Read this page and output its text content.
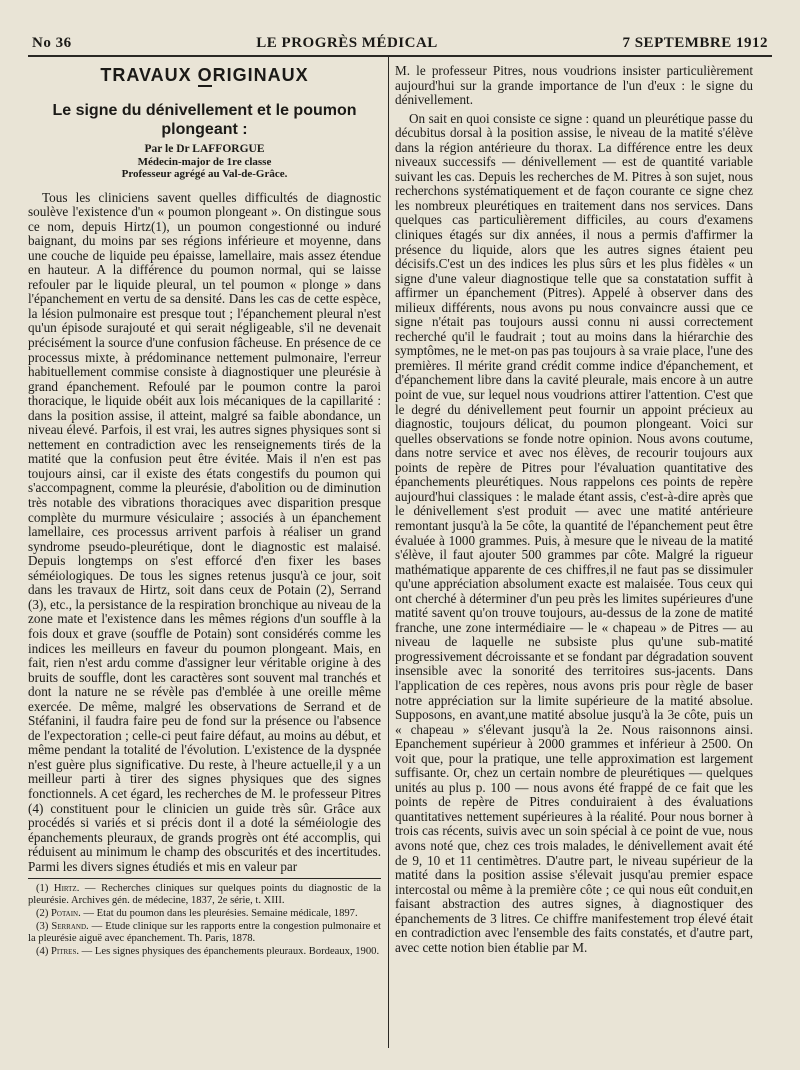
No 36	LE PROGRÈS MÉDICAL	7 SEPTEMBRE 1912
TRAVAUX ORIGINAUX
Le signe du dénivellement et le poumon plongeant :
Par le Dr LAFFORGUE
Médecin-major de 1re classe
Professeur agrégé au Val-de-Grâce.

Tous les cliniciens savent quelles difficultés de diagnostic soulève l'existence d'un « poumon plongeant ». On distingue sous ce nom, depuis Hirtz(1), un poumon congestionné ou induré baignant, du moins par ses régions inférieure et moyenne, dans une couche de liquide peu épaisse, lamellaire, mais assez étendue en hauteur. A la différence du poumon normal, qui se laisse refouler par le liquide pleural, un tel poumon « plonge » dans l'épanchement en vertu de sa densité. Dans les cas de cette espèce, la lésion pulmonaire est presque tout ; l'épanchement pleural n'est qu'un épisode surajouté et qui serait négligeable, s'il ne devenait précisément la source d'une confusion fâcheuse. En présence de ce processus mixte, à prédominance nettement pulmonaire, l'erreur habituellement commise consiste à diagnostiquer une pleurésie à grand épanchement. Refoulé par le poumon contre la paroi thoracique, le liquide obéit aux lois mécaniques de la capillarité : dans la position assise, il atteint, malgré sa faible abondance, un niveau élevé. Parfois, il est vrai, les autres signes physiques sont si nettement en contradiction avec les renseignements tirés de la matité que la confusion peut être évitée. Mais il n'en est pas toujours ainsi, car il existe des états congestifs du poumon qui s'accompagnent, comme la pleurésie, d'abolition ou de diminution très notable des vibrations thoraciques avec disparition presque complète du murmure vésiculaire ; associés à un épanchement lamellaire, ces processus arrivent parfois à réaliser un grand syndrome pseudo-pleurétique, dont le diagnostic est malaisé. Depuis longtemps on s'est efforcé d'en fixer les bases séméiologiques. De tous les signes retenus jusqu'à ce jour, soit dans les travaux de Hirtz, soit dans ceux de Potain (2), Serrand (3), etc., la persistance de la respiration bronchique au niveau de la zone mate et l'existence dans les mêmes régions d'un souffle à la fois doux et grave (souffle de Potain) sont considérés comme les indices les meilleurs en faveur du poumon plongeant. Mais, en fait, rien n'est ardu comme d'assigner leur véritable origine à des bruits de souffle, dont les caractères sont souvent mal tranchés et dont la nature ne se révèle pas d'emblée à une oreille même exercée. De même, malgré les observations de Serrand et de Stéfanini, il faudra faire peu de fond sur la présence ou l'absence de l'expectoration ; celle-ci peut faire défaut, au moins au début, et même pendant la totalité de l'évolution. L'existence de la dyspnée n'est guère plus significative. Du reste, à l'heure actuelle,il y a un meilleur parti à tirer des signes physiques que des signes fonctionnels. A cet égard, les recherches de M. le professeur Pitres (4) constituent pour le clinicien un guide très sûr. Grâce aux procédés si variés et si précis dont il a doté la séméiologie des épanchements pleuraux, de grands progrès ont été accomplis, qui réduisent au minimum le champ des obscurités et des incertitudes. Parmi les divers signes étudiés et mis en valeur par

(1) Hirtz. — Recherches cliniques sur quelques points du diagnostic de la pleurésie. Archives gén. de médecine, 1837, 2e série, t. XIII.

(2) Potain. — Etat du poumon dans les pleurésies. Semaine médicale, 1897.

(3) Serrand. — Etude clinique sur les rapports entre la congestion pulmonaire et la pleurésie aiguë avec épanchement. Th. Paris, 1878.

(4) Pitres. — Les signes physiques des épanchements pleuraux. Bordeaux, 1900.

M. le professeur Pitres, nous voudrions insister particulièrement aujourd'hui sur la grande importance de l'un d'eux : le signe du dénivellement.

On sait en quoi consiste ce signe : quand un pleurétique passe du décubitus dorsal à la position assise, le niveau de la matité s'élève dans la région antérieure du thorax. La différence entre les deux niveaux successifs — dénivellement — est de quantité variable suivant les cas. Depuis les recherches de M. Pitres à son sujet, nous recherchons systématiquement et de façon courante ce signe chez les nombreux pleurétiques en traitement dans nos services. Dans quelques cas particulièrement difficiles, au cours d'examens cliniques étagés sur dix années, il nous a permis d'affirmer la présence du liquide, alors que les autres signes étaient peu décisifs.C'est un des indices les plus sûrs et les plus fidèles « un signe d'une valeur diagnostique telle que sa constatation suffit à affirmer un épanchement (Pitres). Appelé à observer dans des milieux différents, nous avons pu nous convaincre aussi que ce signe n'était pas toujours aussi connu ni aussi correctement recherché qu'il le faudrait ; tout au moins dans la hiérarchie des symptômes, ne le met-on pas pas toujours à sa vraie place, l'une des premières. Il mérite grand crédit comme indice d'épanchement, et d'épanchement libre dans la cavité pleurale, mais encore à un autre point de vue, sur lequel nous voudrions attirer l'attention. C'est que le degré du dénivellement peut fournir un appoint précieux au diagnostic, toujours délicat, du poumon plongeant. Voici sur quelles observations se fonde notre opinion. Nous avons coutume, dans notre service et avec nos élèves, de recourir toujours aux points de repère de Pitres pour l'évaluation quantitative des épanchements pleurétiques. Nous rappelons ces points de repère aujourd'hui classiques : le malade étant assis, c'est-à-dire après que le dénivellement s'est produit — avec une matité antérieure remontant jusqu'à la 5e côte, la quantité de l'épanchement peut être évaluée à 1000 grammes. Puis, à mesure que le niveau de la matité s'élève, il faut ajouter 500 grammes par côte. Malgré la rigueur mathématique apparente de ces chiffres,il ne faut pas se dissimuler qu'une appréciation absolument exacte est malaisée. Tous ceux qui ont cherché à déterminer d'un peu près les limites supérieures d'une matité savent qu'on trouve toujours, au-dessus de la zone de matité franche, une zone intermédiaire — le « chapeau » de Pitres — au niveau de laquelle ne subsiste plus qu'une sub-matité progressivement décroissante et se fondant par dégradation souvent insensible avec la sonorité des territoires sus-jacents. Dans l'application de ces repères, nous avons pris pour règle de baser notre appréciation sur la limite supérieure de la matité absolue. Supposons, en avant,une matité absolue jusqu'à la 3e côte, puis un « chapeau » s'élevant jusqu'à la 2e. Nous raisonnons ainsi. Epanchement supérieur à 2000 grammes et inférieur à 2500. On voit que, pour la pratique, une telle approximation est largement suffisante. Or, chez un certain nombre de pleurétiques — quelques unités au plus p. 100 — nous avons été frappé de ce fait que les points de repère de Pitres conduiraient à des évaluations quantitatives nettement supérieures à la réalité. Pour nous borner à trois cas récents, suivis avec un soin spécial à ce point de vue, nous avons noté que, chez ces trois malades, le dénivellement avait été de 9, 10 et 11 centimètres. D'autre part, le niveau supérieur de la matité dans la position assise s'élevait jusqu'au premier espace intercostal ou même à la première côte ; ce qui nous eût conduit,en faisant abstraction des autres signes, à diagnostiquer des épanchements de 3 litres. Ce chiffre manifestement trop élevé était en contradiction avec l'ensemble des faits constatés, et d'autre part, avec cette notion bien établie par M.
